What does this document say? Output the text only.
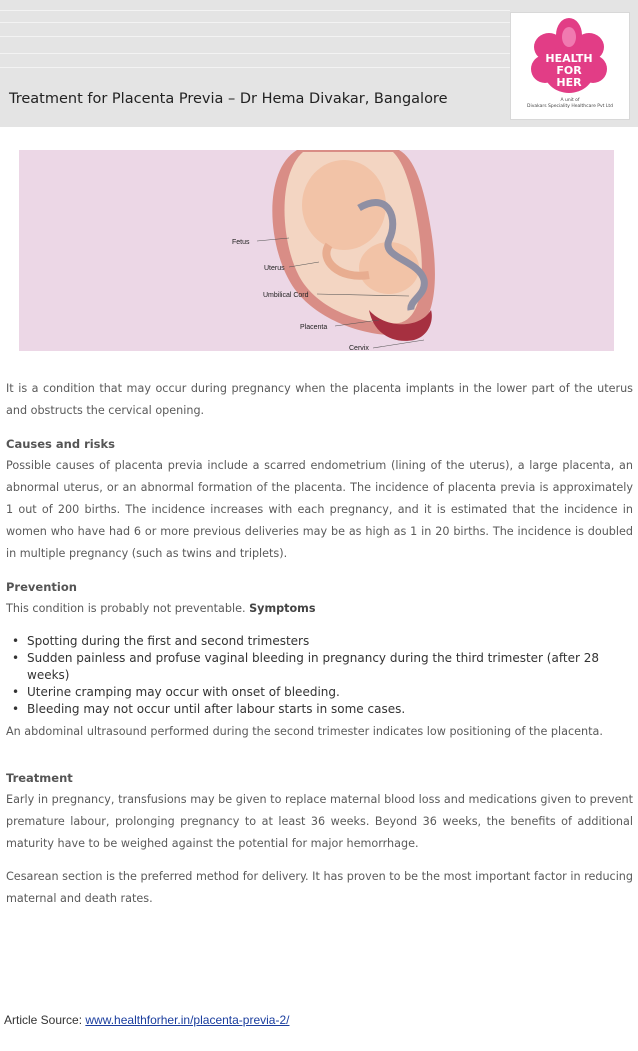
Treatment for Placenta Previa – Dr Hema Divakar, Bangalore
HEALTH
FOR HER
A unit of
Divakars Speciality Healthcare Pvt Ltd
Fetus
Uterus
Umbilical Cord
Placenta
Cervix

It is a condition that may occur during pregnancy when the placenta implants in the lower part of the uterus and obstructs the cervical opening.

Causes and risks

Possible causes of placenta previa include a scarred endometrium (lining of the uterus), a large placenta, an abnormal uterus, or an abnormal formation of the placenta. The incidence of placenta previa is approximately 1 out of 200 births. The incidence increases with each pregnancy, and it is estimated that the incidence in women who have had 6 or more previous deliveries may be as high as 1 in 20 births. The incidence is doubled in multiple pregnancy (such as twins and triplets).

Prevention

This condition is probably not preventable. Symptoms

• Spotting during the first and second trimesters
• Sudden painless and profuse vaginal bleeding in pregnancy during the third trimester (after 28 weeks)
• Uterine cramping may occur with onset of bleeding.
• Bleeding may not occur until after labour starts in some cases.

An abdominal ultrasound performed during the second trimester indicates low positioning of the placenta.

Treatment

Early in pregnancy, transfusions may be given to replace maternal blood loss and medications given to prevent premature labour, prolonging pregnancy to at least 36 weeks. Beyond 36 weeks, the benefits of additional maturity have to be weighed against the potential for major hemorrhage.

Cesarean section is the preferred method for delivery. It has proven to be the most important factor in reducing maternal and death rates.

Article Source: www.healthforher.in/placenta-previa-2/
